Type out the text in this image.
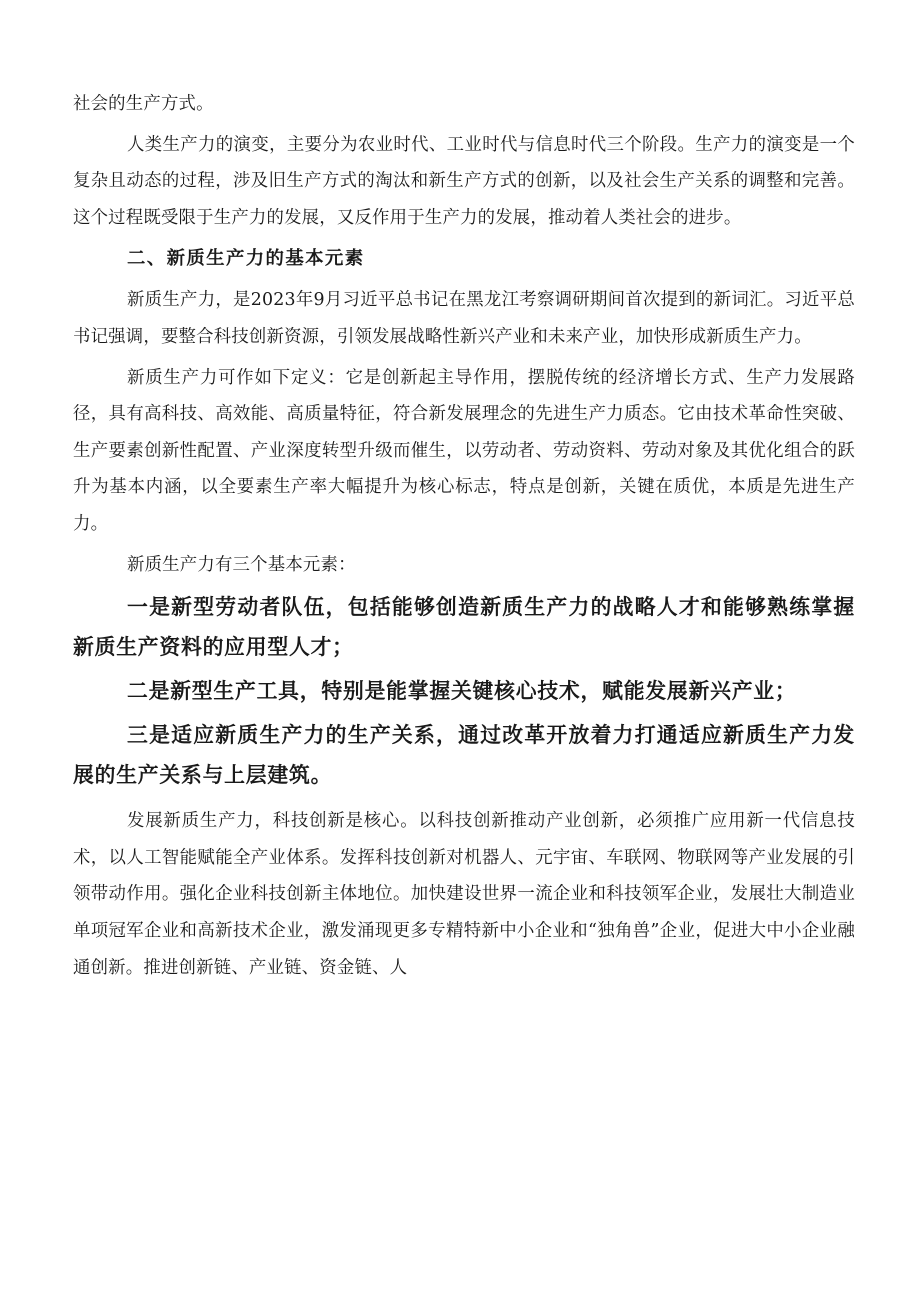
社会的生产方式。

人类生产力的演变，主要分为农业时代、工业时代与信息时代三个阶段。生产力的演变是一个复杂且动态的过程，涉及旧生产方式的淘汰和新生产方式的创新，以及社会生产关系的调整和完善。这个过程既受限于生产力的发展，又反作用于生产力的发展，推动着人类社会的进步。

二、新质生产力的基本元素

新质生产力，是2023年9月习近平总书记在黑龙江考察调研期间首次提到的新词汇。习近平总书记强调，要整合科技创新资源，引领发展战略性新兴产业和未来产业，加快形成新质生产力。

新质生产力可作如下定义：它是创新起主导作用，摆脱传统的经济增长方式、生产力发展路径，具有高科技、高效能、高质量特征，符合新发展理念的先进生产力质态。它由技术革命性突破、生产要素创新性配置、产业深度转型升级而催生，以劳动者、劳动资料、劳动对象及其优化组合的跃升为基本内涵，以全要素生产率大幅提升为核心标志，特点是创新，关键在质优，本质是先进生产力。

新质生产力有三个基本元素：

一是新型劳动者队伍，包括能够创造新质生产力的战略人才和能够熟练掌握新质生产资料的应用型人才；

二是新型生产工具，特别是能掌握关键核心技术，赋能发展新兴产业；

三是适应新质生产力的生产关系，通过改革开放着力打通适应新质生产力发展的生产关系与上层建筑。

发展新质生产力，科技创新是核心。以科技创新推动产业创新，必须推广应用新一代信息技术，以人工智能赋能全产业体系。发挥科技创新对机器人、元宇宙、车联网、物联网等产业发展的引领带动作用。强化企业科技创新主体地位。加快建设世界一流企业和科技领军企业，发展壮大制造业单项冠军企业和高新技术企业，激发涌现更多专精特新中小企业和“独角兽”企业，促进大中小企业融通创新。推进创新链、产业链、资金链、人
